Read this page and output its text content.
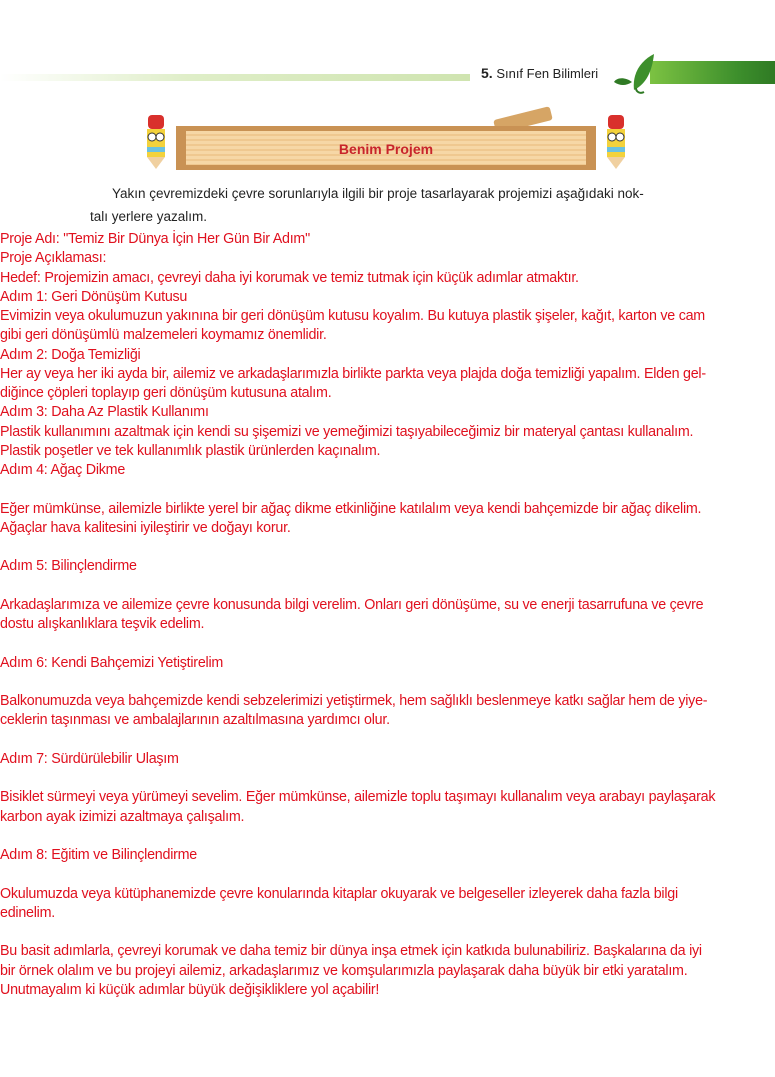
5. Sınıf Fen Bilimleri
Benim Projem
Yakın çevremizdeki çevre sorunlarıyla ilgili bir proje tasarlayarak projemizi aşağıdaki nok-
talı yerlere yazalım.
Proje Adı: "Temiz Bir Dünya İçin Her Gün Bir Adım"
Proje Açıklaması:
Hedef: Projemizin amacı, çevreyi daha iyi korumak ve temiz tutmak için küçük adımlar atmaktır.
Adım 1: Geri Dönüşüm Kutusu
Evimizin veya okulumuzun yakınına bir geri dönüşüm kutusu koyalım. Bu kutuya plastik şişeler, kağıt, karton ve cam
gibi geri dönüşümlü malzemeleri koymamız önemlidir.
Adım 2: Doğa Temizliği
Her ay veya her iki ayda bir, ailemiz ve arkadaşlarımızla birlikte parkta veya plajda doğa temizliği yapalım. Elden gel-
diğince çöpleri toplayıp geri dönüşüm kutusuna atalım.
Adım 3: Daha Az Plastik Kullanımı
Plastik kullanımını azaltmak için kendi su şişemizi ve yemeğimizi taşıyabileceğimiz bir materyal çantası kullanalım.
Plastik poşetler ve tek kullanımlık plastik ürünlerden kaçınalım.
Adım 4: Ağaç Dikme
Eğer mümkünse, ailemizle birlikte yerel bir ağaç dikme etkinliğine katılalım veya kendi bahçemizde bir ağaç dikelim.
Ağaçlar hava kalitesini iyileştirir ve doğayı korur.
Adım 5: Bilinçlendirme
Arkadaşlarımıza ve ailemize çevre konusunda bilgi verelim. Onları geri dönüşüme, su ve enerji tasarrufuna ve çevre
dostu alışkanlıklara teşvik edelim.
Adım 6: Kendi Bahçemizi Yetiştirelim
Balkonumuzda veya bahçemizde kendi sebzelerimizi yetiştirmek, hem sağlıklı beslenmeye katkı sağlar hem de yiye-
ceklerin taşınması ve ambalajlarının azaltılmasına yardımcı olur.
Adım 7: Sürdürülebilir Ulaşım
Bisiklet sürmeyi veya yürümeyi sevelim. Eğer mümkünse, ailemizle toplu taşımayı kullanalım veya arabayı paylaşarak
karbon ayak izimizi azaltmaya çalışalım.
Adım 8: Eğitim ve Bilinçlendirme
Okulumuzda veya kütüphanemizde çevre konularında kitaplar okuyarak ve belgeseller izleyerek daha fazla bilgi
edinelim.
Bu basit adımlarla, çevreyi korumak ve daha temiz bir dünya inşa etmek için katkıda bulunabiliriz. Başkalarına da iyi
bir örnek olalım ve bu projeyi ailemiz, arkadaşlarımız ve komşularımızla paylaşarak daha büyük bir etki yaratalım.
Unutmayalım ki küçük adımlar büyük değişikliklere yol açabilir!
